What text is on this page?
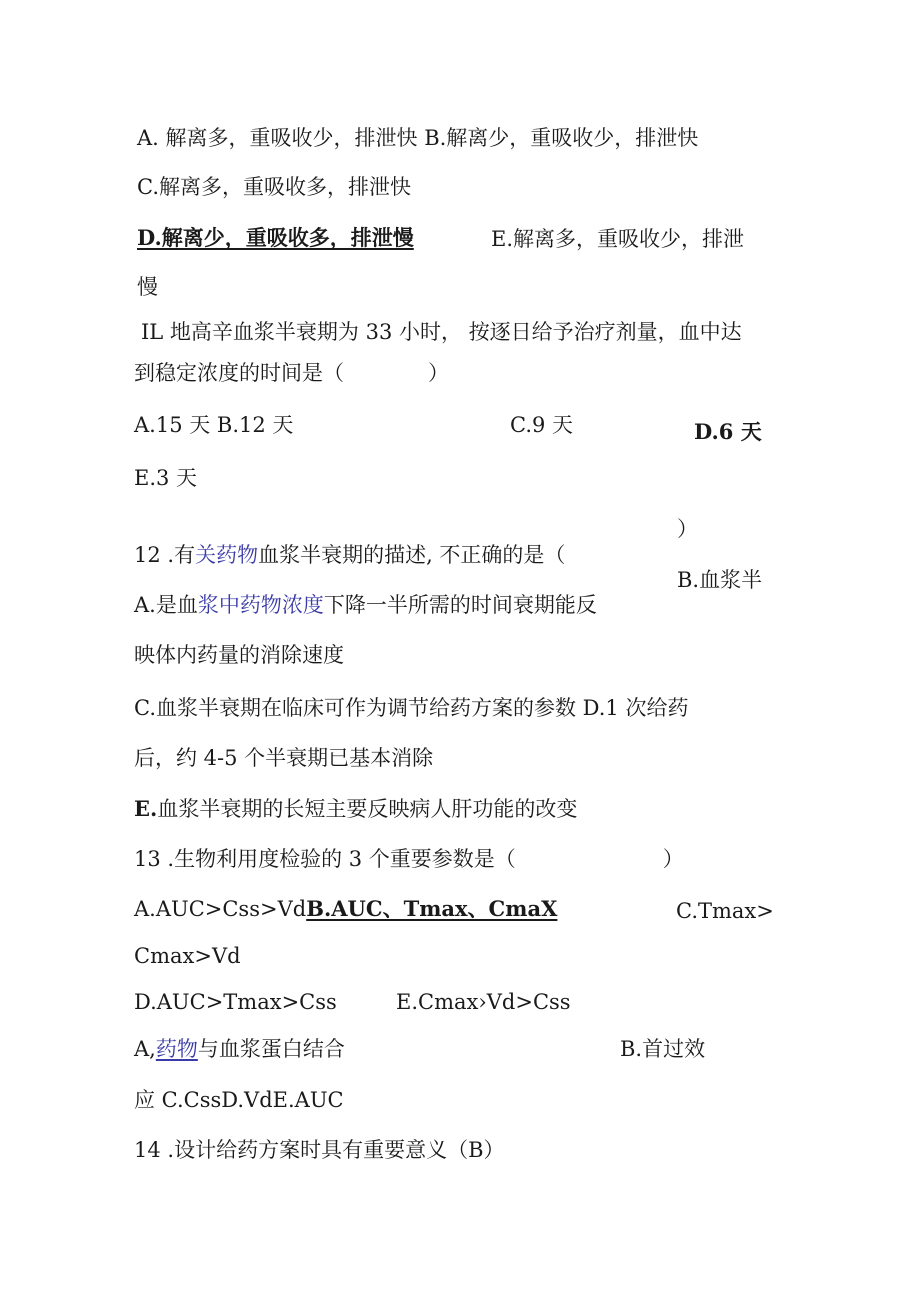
A. 解离多，重吸收少，排泄快 B.解离少，重吸收少，排泄快
C.解离多，重吸收多，排泄快
D.解离少，重吸收多，排泄慢	E.解离多，重吸收少，排泄
慢
IL 地高辛血浆半衰期为 33 小时， 按逐日给予治疗剂量，血中达
到稳定浓度的时间是（　　　　）
A.15 天 B.12 天	C.9 天	D.6 天
E.3 天
）
12 .有关药物血浆半衰期的描述, 不正确的是（
B.血浆半
A.是血浆中药物浓度下降一半所需的时间衰期能反
映体内药量的消除速度
C.血浆半衰期在临床可作为调节给药方案的参数 D.1 次给药
后，约 4-5 个半衰期已基本消除
E.血浆半衰期的长短主要反映病人肝功能的改变
13 .生物利用度检验的 3 个重要参数是（　　　　　　　）
A.AUC>Css>VdB.AUC、Tmax、CmaX	C.Tmax>
Cmax>Vd
D.AUC>Tmax>Css	E.Cmax›Vd>Css
A,药物与血浆蛋白结合	B.首过效
应 C.CssD.VdE.AUC
14 .设计给药方案时具有重要意义（B）
